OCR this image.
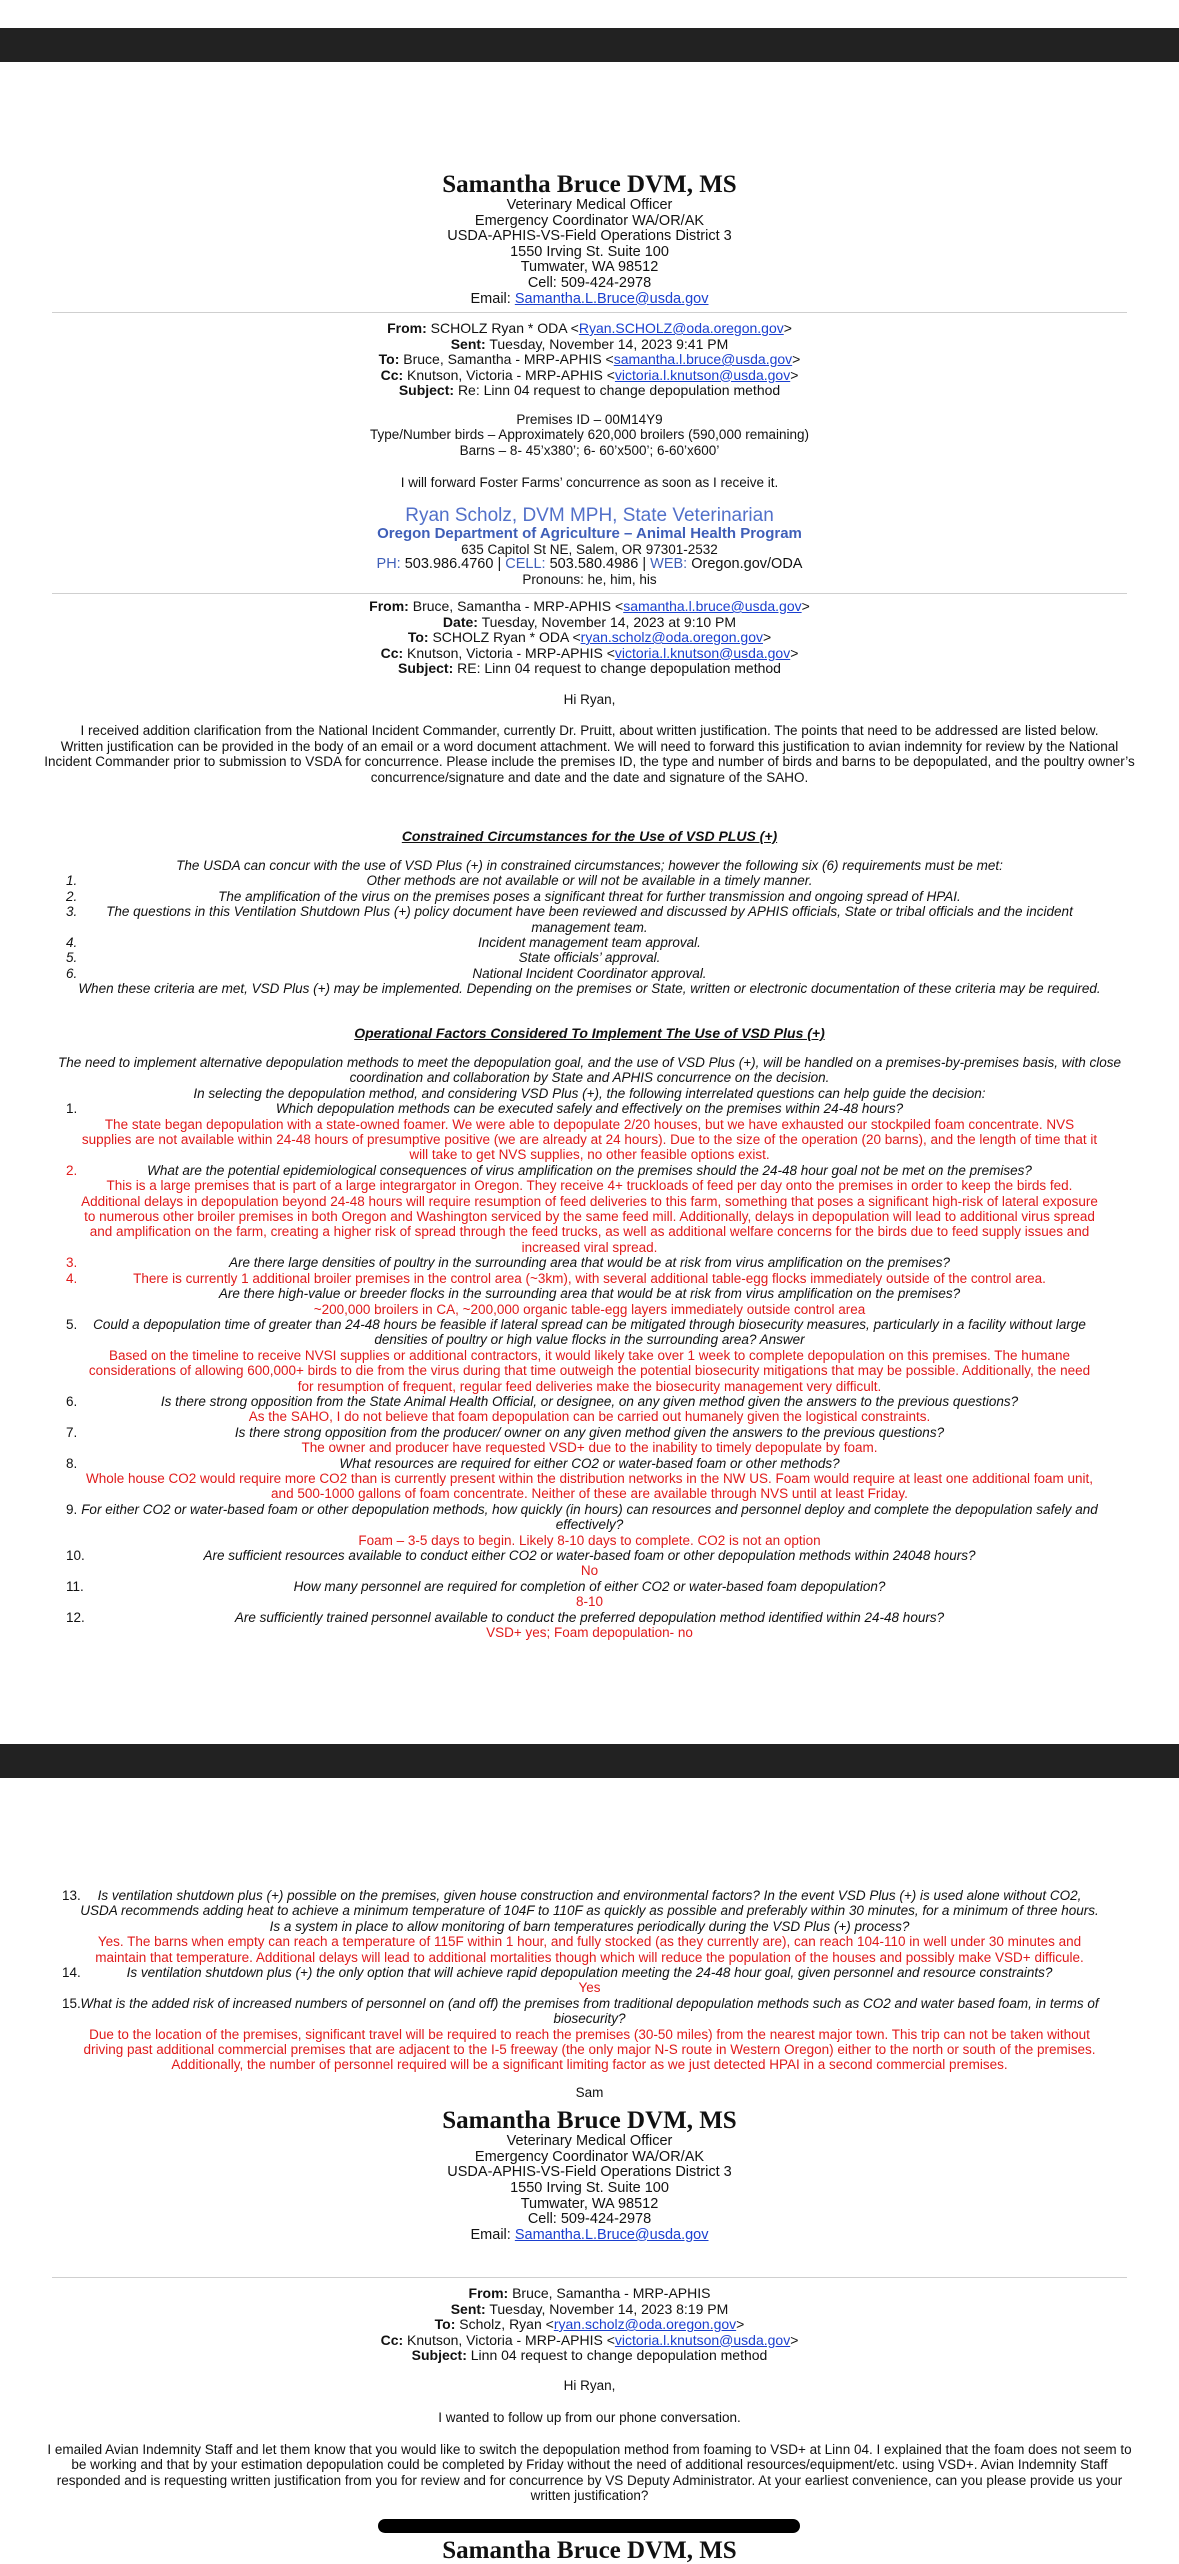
Samantha Bruce DVM, MS
Veterinary Medical Officer
Emergency Coordinator WA/OR/AK
USDA-APHIS-VS-Field Operations District 3
1550 Irving St. Suite 100
Tumwater, WA 98512
Cell: 509-424-2978
Email: Samantha.L.Bruce@usda.gov
From: SCHOLZ Ryan * ODA <Ryan.SCHOLZ@oda.oregon.gov>
Sent: Tuesday, November 14, 2023 9:41 PM
To: Bruce, Samantha - MRP-APHIS <samantha.l.bruce@usda.gov>
Cc: Knutson, Victoria - MRP-APHIS <victoria.l.knutson@usda.gov>
Subject: Re: Linn 04 request to change depopulation method
Premises ID – 00M14Y9
Type/Number birds – Approximately 620,000 broilers (590,000 remaining)
Barns – 8- 45’x380’; 6- 60’x500’; 6-60’x600’
I will forward Foster Farms’ concurrence as soon as I receive it.
Ryan Scholz, DVM MPH, State Veterinarian
Oregon Department of Agriculture – Animal Health Program
635 Capitol St NE, Salem, OR 97301-2532
PH: 503.986.4760 | CELL: 503.580.4986 | WEB: Oregon.gov/ODA
Pronouns: he, him, his
From: Bruce, Samantha - MRP-APHIS <samantha.l.bruce@usda.gov>
Date: Tuesday, November 14, 2023 at 9:10 PM
To: SCHOLZ Ryan * ODA <ryan.scholz@oda.oregon.gov>
Cc: Knutson, Victoria - MRP-APHIS <victoria.l.knutson@usda.gov>
Subject: RE: Linn 04 request to change depopulation method
Hi Ryan,
I received addition clarification from the National Incident Commander, currently Dr. Pruitt, about written justification. The points that need to be addressed are listed below.
Written justification can be provided in the body of an email or a word document attachment. We will need to forward this justification to avian indemnity for review by the National Incident Commander prior to submission to VSDA for concurrence. Please include the premises ID, the type and number of birds and barns to be depopulated, and the poultry owner’s concurrence/signature and date and the date and signature of the SAHO.
Constrained Circumstances for the Use of VSD PLUS (+)
The USDA can concur with the use of VSD Plus (+) in constrained circumstances; however the following six (6) requirements must be met:
1.	Other methods are not available or will not be available in a timely manner.
2.	The amplification of the virus on the premises poses a significant threat for further transmission and ongoing spread of HPAI.
3. The questions in this Ventilation Shutdown Plus (+) policy document have been reviewed and discussed by APHIS officials, State or tribal officials and the incident management team.
4.	Incident management team approval.
5.	State officials’ approval.
6.	National Incident Coordinator approval.
When these criteria are met, VSD Plus (+) may be implemented. Depending on the premises or State, written or electronic documentation of these criteria may be required.
Operational Factors Considered To Implement The Use of VSD Plus (+)
The need to implement alternative depopulation methods to meet the depopulation goal, and the use of VSD Plus (+), will be handled on a premises-by-premises basis, with close coordination and collaboration by State and APHIS concurrence on the decision.
In selecting the depopulation method, and considering VSD Plus (+), the following interrelated questions can help guide the decision:
1.	Which depopulation methods can be executed safely and effectively on the premises within 24-48 hours?
The state began depopulation with a state-owned foamer. We were able to depopulate 2/20 houses, but we have exhausted our stockpiled foam concentrate. NVS supplies are not available within 24-48 hours of presumptive positive (we are already at 24 hours). Due to the size of the operation (20 barns), and the length of time that it will take to get NVS supplies, no other feasible options exist.
2.	What are the potential epidemiological consequences of virus amplification on the premises should the 24-48 hour goal not be met on the premises?
This is a large premises that is part of a large integrargator in Oregon. They receive 4+ truckloads of feed per day onto the premises in order to keep the birds fed. Additional delays in depopulation beyond 24-48 hours will require resumption of feed deliveries to this farm, something that poses a significant high-risk of lateral exposure to numerous other broiler premises in both Oregon and Washington serviced by the same feed mill. Additionally, delays in depopulation will lead to additional virus spread and amplification on the farm, creating a higher risk of spread through the feed trucks, as well as additional welfare concerns for the birds due to feed supply issues and increased viral spread.
3.	Are there large densities of poultry in the surrounding area that would be at risk from virus amplification on the premises?
There is currently 1 additional broiler premises in the control area (~3km), with several additional table-egg flocks immediately outside of the control area.
4.
Are there high-value or breeder flocks in the surrounding area that would be at risk from virus amplification on the premises?
~200,000 broilers in CA, ~200,000 organic table-egg layers immediately outside control area
5.	Could a depopulation time of greater than 24-48 hours be feasible if lateral spread can be mitigated through biosecurity measures, particularly in a facility without large densities of poultry or high value flocks in the surrounding area? Answer
Based on the timeline to receive NVSI supplies or additional contractors, it would likely take over 1 week to complete depopulation on this premises. The humane considerations of allowing 600,000+ birds to die from the virus during that time outweigh the potential biosecurity mitigations that may be possible. Additionally, the need for resumption of frequent, regular feed deliveries make the biosecurity management very difficult.
6.	Is there strong opposition from the State Animal Health Official, or designee, on any given method given the answers to the previous questions?
As the SAHO, I do not believe that foam depopulation can be carried out humanely given the logistical constraints.
7.	Is there strong opposition from the producer/ owner on any given method given the answers to the previous questions?
The owner and producer have requested VSD+ due to the inability to timely depopulate by foam.
8.	What resources are required for either CO2 or water-based foam or other methods?
Whole house CO2 would require more CO2 than is currently present within the distribution networks in the NW US. Foam would require at least one additional foam unit, and 500-1000 gallons of foam concentrate. Neither of these are available through NVS until at least Friday.
9. For either CO2 or water-based foam or other depopulation methods, how quickly (in hours) can resources and personnel deploy and complete the depopulation safely and effectively?
Foam – 3-5 days to begin. Likely 8-10 days to complete. CO2 is not an option
10.	Are sufficient resources available to conduct either CO2 or water-based foam or other depopulation methods within 24048 hours?
No
11.	How many personnel are required for completion of either CO2 or water-based foam depopulation?
8-10
12.	Are sufficiently trained personnel available to conduct the preferred depopulation method identified within 24-48 hours?
VSD+ yes; Foam depopulation- no
13.	Is ventilation shutdown plus (+) possible on the premises, given house construction and environmental factors? In the event VSD Plus (+) is used alone without CO2, USDA recommends adding heat to achieve a minimum temperature of 104F to 110F as quickly as possible and preferably within 30 minutes, for a minimum of three hours. Is a system in place to allow monitoring of barn temperatures periodically during the VSD Plus (+) process?
Yes. The barns when empty can reach a temperature of 115F within 1 hour, and fully stocked (as they currently are), can reach 104-110 in well under 30 minutes and maintain that temperature. Additional delays will lead to additional mortalities though which will reduce the population of the houses and possibly make VSD+ difficule.
14.	Is ventilation shutdown plus (+) the only option that will achieve rapid depopulation meeting the 24-48 hour goal, given personnel and resource constraints?
Yes
15. What is the added risk of increased numbers of personnel on (and off) the premises from traditional depopulation methods such as CO2 and water based foam, in terms of biosecurity?
Due to the location of the premises, significant travel will be required to reach the premises (30-50 miles) from the nearest major town. This trip can not be taken without driving past additional commercial premises that are adjacent to the I-5 freeway (the only major N-S route in Western Oregon) either to the north or south of the premises. Additionally, the number of personnel required will be a significant limiting factor as we just detected HPAI in a second commercial premises.
Sam
Samantha Bruce DVM, MS
Veterinary Medical Officer
Emergency Coordinator WA/OR/AK
USDA-APHIS-VS-Field Operations District 3
1550 Irving St. Suite 100
Tumwater, WA 98512
Cell: 509-424-2978
Email: Samantha.L.Bruce@usda.gov
From: Bruce, Samantha - MRP-APHIS
Sent: Tuesday, November 14, 2023 8:19 PM
To: Scholz, Ryan <ryan.scholz@oda.oregon.gov>
Cc: Knutson, Victoria - MRP-APHIS <victoria.l.knutson@usda.gov>
Subject: Linn 04 request to change depopulation method
Hi Ryan,
I wanted to follow up from our phone conversation.
I emailed Avian Indemnity Staff and let them know that you would like to switch the depopulation method from foaming to VSD+ at Linn 04. I explained that the foam does not seem to be working and that by your estimation depopulation could be completed by Friday without the need of additional resources/equipment/etc. using VSD+. Avian Indemnity Staff responded and is requesting written justification from you for review and for concurrence by VS Deputy Administrator. At your earliest convenience, can you please provide us your written justification?
Samantha Bruce DVM, MS
